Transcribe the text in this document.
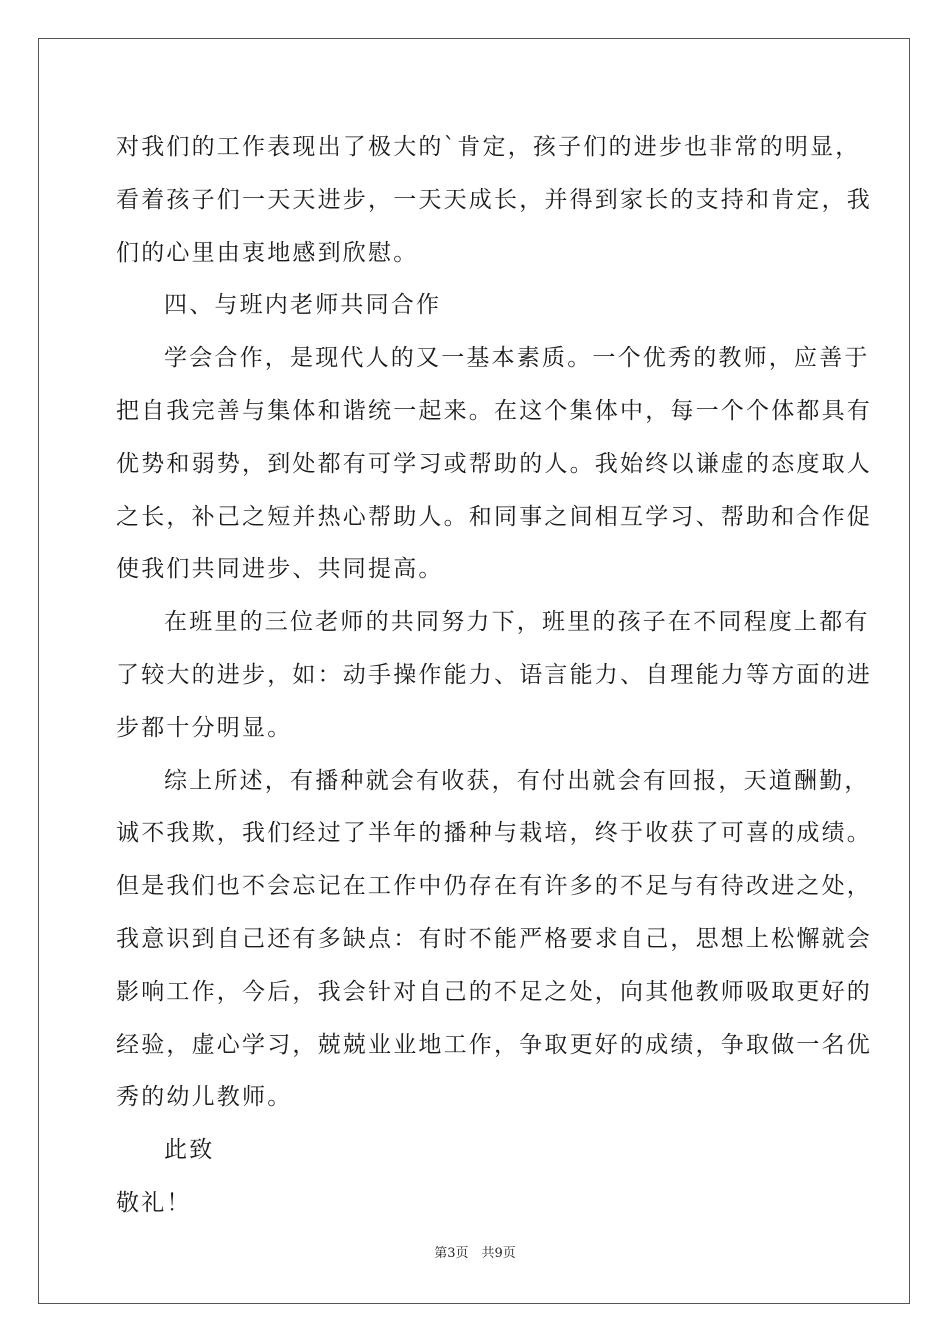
对我们的工作表现出了极大的`肯定，孩子们的进步也非常的明显，
看着孩子们一天天进步，一天天成长，并得到家长的支持和肯定，我
们的心里由衷地感到欣慰。
四、与班内老师共同合作
学会合作，是现代人的又一基本素质。一个优秀的教师，应善于
把自我完善与集体和谐统一起来。在这个集体中，每一个个体都具有
优势和弱势，到处都有可学习或帮助的人。我始终以谦虚的态度取人
之长，补己之短并热心帮助人。和同事之间相互学习、帮助和合作促
使我们共同进步、共同提高。
在班里的三位老师的共同努力下，班里的孩子在不同程度上都有
了较大的进步，如：动手操作能力、语言能力、自理能力等方面的进
步都十分明显。
综上所述，有播种就会有收获，有付出就会有回报，天道酬勤，
诚不我欺，我们经过了半年的播种与栽培，终于收获了可喜的成绩。
但是我们也不会忘记在工作中仍存在有许多的不足与有待改进之处，
我意识到自己还有多缺点：有时不能严格要求自己，思想上松懈就会
影响工作，今后，我会针对自己的不足之处，向其他教师吸取更好的
经验，虚心学习，兢兢业业地工作，争取更好的成绩，争取做一名优
秀的幼儿教师。
此致
敬礼！
第3页　共9页
